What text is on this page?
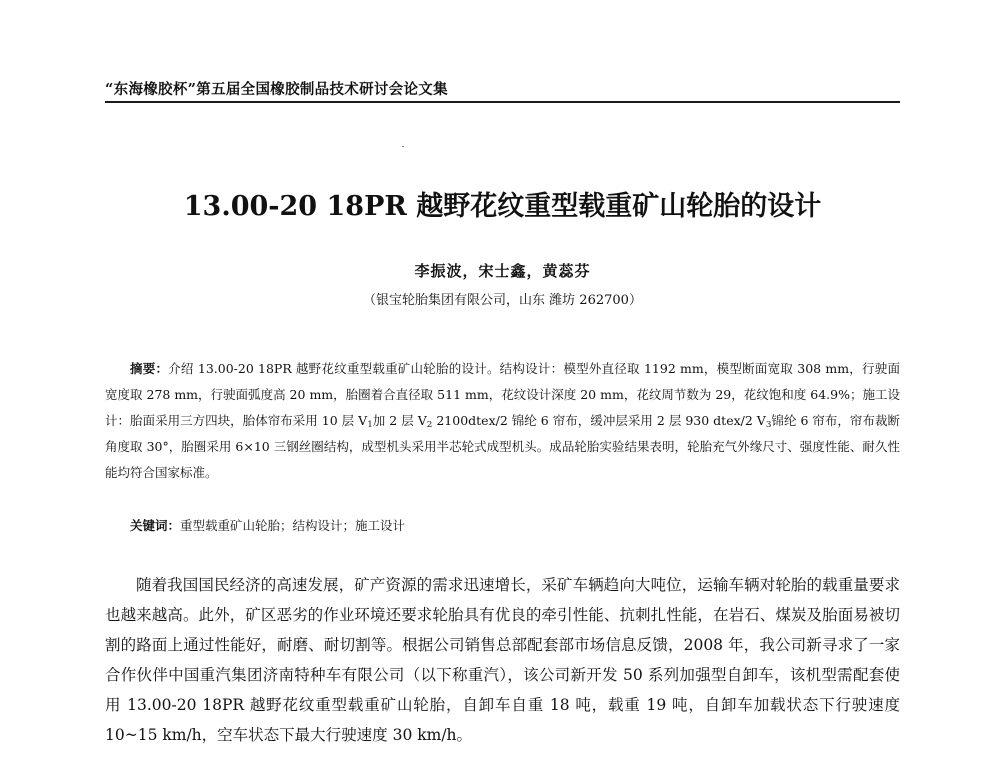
“东海橡胶杯”第五届全国橡胶制品技术研讨会论文集
13.00-20 18PR 越野花纹重型载重矿山轮胎的设计
李振波，宋士鑫，黄蕊芬
（银宝轮胎集团有限公司，山东 潍坊 262700）

摘要：介绍 13.00-20 18PR 越野花纹重型载重矿山轮胎的设计。结构设计：模型外直径取 1192 mm，模型断面宽取 308 mm，行驶面宽度取 278 mm，行驶面弧度高 20 mm，胎圈着合直径取 511 mm，花纹设计深度 20 mm，花纹周节数为 29，花纹饱和度 64.9%；施工设计：胎面采用三方四块，胎体帘布采用 10 层 $V_1$加 2 层 $V_2$ 2100dtex/2 锦纶 6 帘布，缓冲层采用 2 层 930 dtex/2 $V_3$锦纶 6 帘布，帘布裁断角度取 30°，胎圈采用 6×10 三钢丝圈结构，成型机头采用半芯轮式成型机头。成品轮胎实验结果表明，轮胎充气外缘尺寸、强度性能、耐久性能均符合国家标准。

关键词：重型载重矿山轮胎；结构设计；施工设计

随着我国国民经济的高速发展，矿产资源的需求迅速增长，采矿车辆趋向大吨位，运输车辆对轮胎的载重量要求也越来越高。此外，矿区恶劣的作业环境还要求轮胎具有优良的牵引性能、抗刺扎性能，在岩石、煤炭及胎面易被切割的路面上通过性能好，耐磨、耐切割等。根据公司销售总部配套部市场信息反馈，2008 年，我公司新寻求了一家合作伙伴中国重汽集团济南特种车有限公司（以下称重汽），该公司新开发 50 系列加强型自卸车，该机型需配套使用 13.00-20 18PR 越野花纹重型载重矿山轮胎，自卸车自重 18 吨，载重 19 吨，自卸车加载状态下行驶速度 10~15 km/h，空车状态下最大行驶速度 30 km/h。
